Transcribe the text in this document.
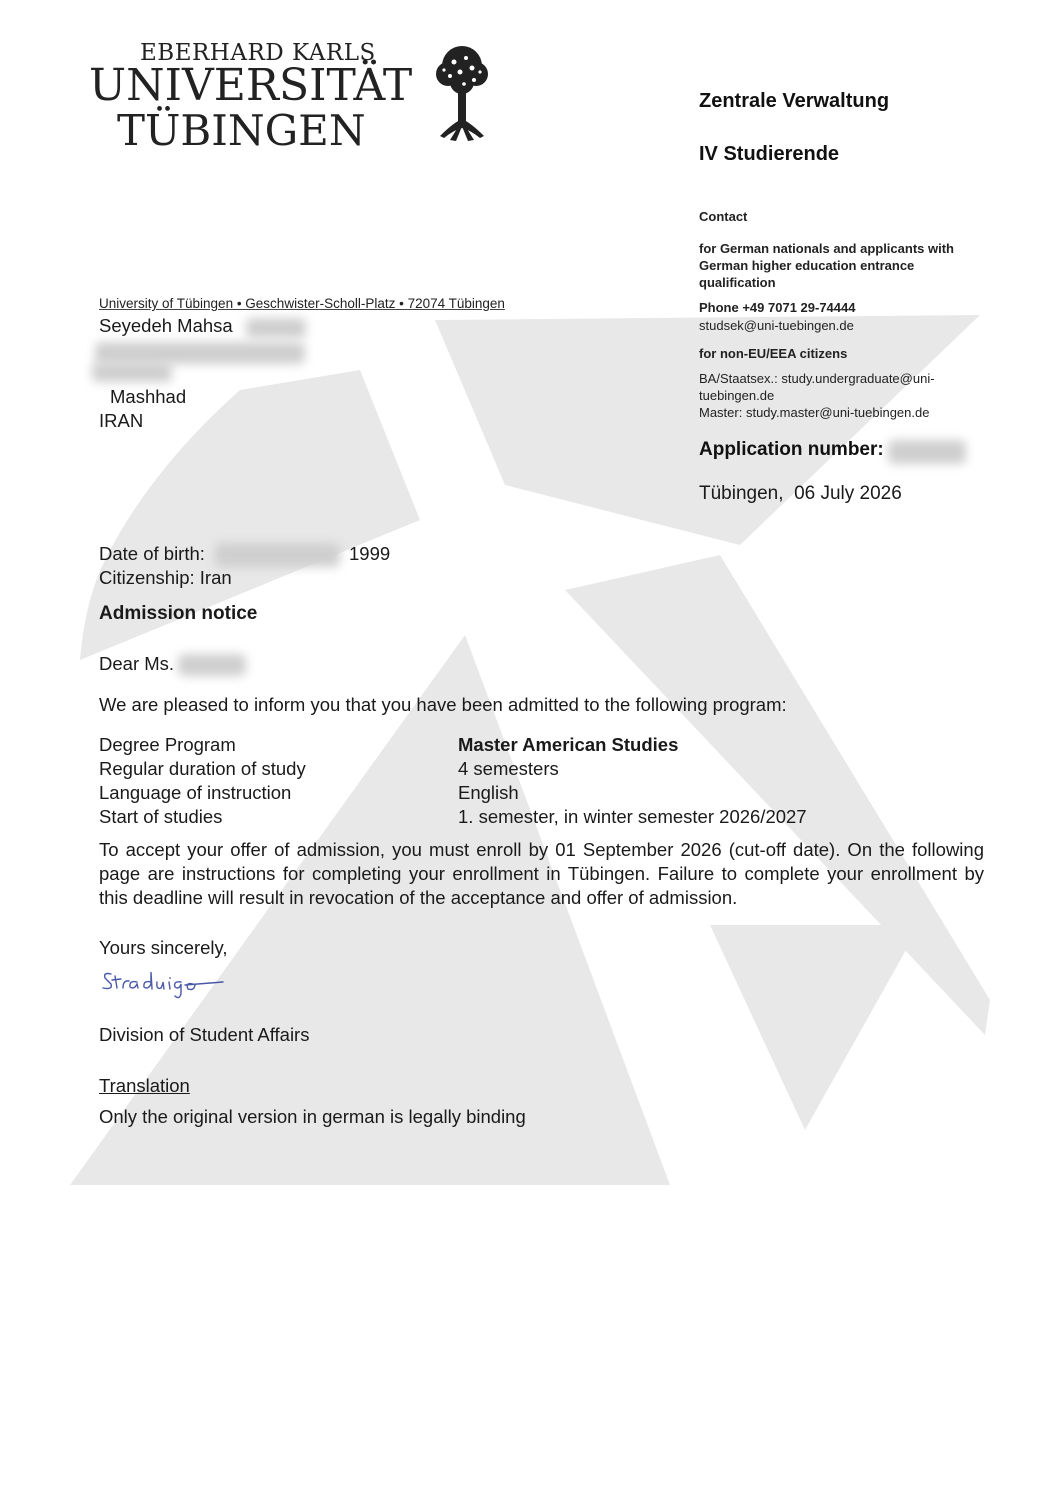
EBERHARD KARLS
UNIVERSITÄT
TÜBINGEN
Zentrale Verwaltung
IV Studierende
Contact
for German nationals and applicants with German higher education entrance qualification
Phone +49 7071 29-74444
studsek@uni-tuebingen.de
for non-EU/EEA citizens
BA/Staatsex.: study.undergraduate@uni-tuebingen.de
Master: study.master@uni-tuebingen.de
Application number:
Tübingen,  06 July 2026
University of Tübingen • Geschwister-Scholl-Platz • 72074 Tübingen
Seyedeh Mahsa
Mashhad
IRAN
Date of birth:	1999
Citizenship: Iran
Admission notice
Dear Ms.
We are pleased to inform you that you have been admitted to the following program:
Degree Program	Master American Studies
Regular duration of study	4 semesters
Language of instruction	English
Start of studies	1. semester, in winter semester 2026/2027
To accept your offer of admission, you must enroll by 01 September 2026 (cut-off date). On the following page are instructions for completing your enrollment in Tübingen. Failure to complete your enrollment by this deadline will result in revocation of the acceptance and offer of admission.
Yours sincerely,
Division of Student Affairs
Translation
Only the original version in german is legally binding
